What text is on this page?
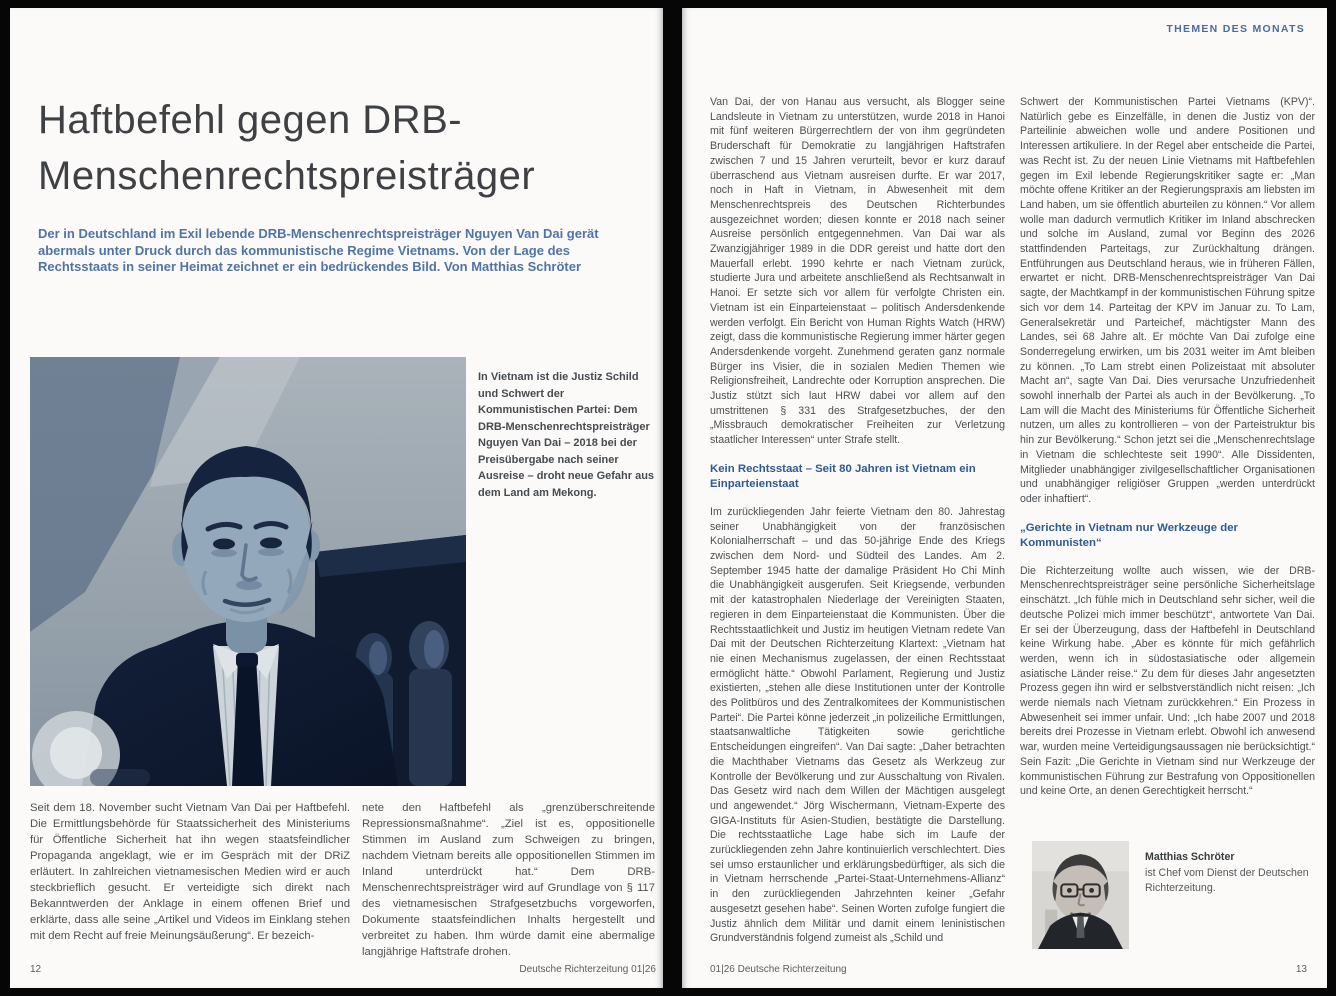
Haftbefehl gegen DRB-Menschenrechtspreisträger

Der in Deutschland im Exil lebende DRB-Menschenrechtspreisträger Nguyen Van Dai gerät abermals unter Druck durch das kommunistische Regime Vietnams. Von der Lage des Rechtsstaats in seiner Heimat zeichnet er ein bedrückendes Bild. Von Matthias Schröter

In Vietnam ist die Justiz Schild und Schwert der Kommunistischen Partei: Dem DRB-Menschenrechtspreisträger Nguyen Van Dai – 2018 bei der Preisübergabe nach seiner Ausreise – droht neue Gefahr aus dem Land am Mekong.
Seit dem 18. November sucht Vietnam Van Dai per Haftbefehl. Die Ermittlungsbehörde für Staatssicherheit des Ministeriums für Öffentliche Sicherheit hat ihn wegen staatsfeindlicher Propaganda angeklagt, wie er im Gespräch mit der DRiZ erläutert. In zahlreichen vietnamesischen Medien wird er auch steckbrieflich gesucht. Er verteidigte sich direkt nach Bekanntwerden der Anklage in einem offenen Brief und erklärte, dass alle seine „Artikel und Videos im Einklang stehen mit dem Recht auf freie Meinungsäußerung“. Er bezeich-
nete den Haftbefehl als „grenzüberschreitende Repressionsmaßnahme“. „Ziel ist es, oppositionelle Stimmen im Ausland zum Schweigen zu bringen, nachdem Vietnam bereits alle oppositionellen Stimmen im Inland unterdrückt hat.“ Dem DRB-Menschenrechtspreisträger wird auf Grundlage von § 117 des vietnamesischen Strafgesetzbuchs vorgeworfen, Dokumente staatsfeindlichen Inhalts hergestellt und verbreitet zu haben. Ihm würde damit eine abermalige langjährige Haftstrafe drohen.
12	Deutsche Richterzeitung 01|26
THEMEN DES MONATS

Van Dai, der von Hanau aus versucht, als Blogger seine Landsleute in Vietnam zu unterstützen, wurde 2018 in Hanoi mit fünf weiteren Bürgerrechtlern der von ihm gegründeten Bruderschaft für Demokratie zu langjährigen Haftstrafen zwischen 7 und 15 Jahren verurteilt, bevor er kurz darauf überraschend aus Vietnam ausreisen durfte. Er war 2017, noch in Haft in Vietnam, in Abwesenheit mit dem Menschenrechtspreis des Deutschen Richterbundes ausgezeichnet worden; diesen konnte er 2018 nach seiner Ausreise persönlich entgegennehmen. Van Dai war als Zwanzigjähriger 1989 in die DDR gereist und hatte dort den Mauerfall erlebt. 1990 kehrte er nach Vietnam zurück, studierte Jura und arbeitete anschließend als Rechtsanwalt in Hanoi. Er setzte sich vor allem für verfolgte Christen ein. Vietnam ist ein Einparteienstaat – politisch Andersdenkende werden verfolgt. Ein Bericht von Human Rights Watch (HRW) zeigt, dass die kommunistische Regierung immer härter gegen Andersdenkende vorgeht. Zunehmend geraten ganz normale Bürger ins Visier, die in sozialen Medien Themen wie Religionsfreiheit, Landrechte oder Korruption ansprechen. Die Justiz stützt sich laut HRW dabei vor allem auf den umstrittenen § 331 des Strafgesetzbuches, der den „Missbrauch demokratischer Freiheiten zur Verletzung staatlicher Interessen“ unter Strafe stellt.

Kein Rechtsstaat – Seit 80 Jahren ist Vietnam ein Einparteienstaat

Im zurückliegenden Jahr feierte Vietnam den 80. Jahrestag seiner Unabhängigkeit von der französischen Kolonialherrschaft – und das 50-jährige Ende des Kriegs zwischen dem Nord- und Südteil des Landes. Am 2. September 1945 hatte der damalige Präsident Ho Chi Minh die Unabhängigkeit ausgerufen. Seit Kriegsende, verbunden mit der katastrophalen Niederlage der Vereinigten Staaten, regieren in dem Einparteienstaat die Kommunisten. Über die Rechtsstaatlichkeit und Justiz im heutigen Vietnam redete Van Dai mit der Deutschen Richterzeitung Klartext: „Vietnam hat nie einen Mechanismus zugelassen, der einen Rechtsstaat ermöglicht hätte.“ Obwohl Parlament, Regierung und Justiz existierten, „stehen alle diese Institutionen unter der Kontrolle des Politbüros und des Zentralkomitees der Kommunistischen Partei“. Die Partei könne jederzeit „in polizeiliche Ermittlungen, staatsanwaltliche Tätigkeiten sowie gerichtliche Entscheidungen eingreifen“. Van Dai sagte: „Daher betrachten die Machthaber Vietnams das Gesetz als Werkzeug zur Kontrolle der Bevölkerung und zur Ausschaltung von Rivalen. Das Gesetz wird nach dem Willen der Mächtigen ausgelegt und angewendet.“ Jörg Wischermann, Vietnam-Experte des GIGA-Instituts für Asien-Studien, bestätigte die Darstellung. Die rechtsstaatliche Lage habe sich im Laufe der zurückliegenden zehn Jahre kontinuierlich verschlechtert. Dies sei umso erstaunlicher und erklärungsbedürftiger, als sich die in Vietnam herrschende „Partei-Staat-Unternehmens-Allianz“ in den zurückliegenden Jahrzehnten keiner „Gefahr ausgesetzt gesehen habe“. Seinen Worten zufolge fungiert die Justiz ähnlich dem Militär und damit einem leninistischen Grundverständnis folgend zumeist als „Schild und

Schwert der Kommunistischen Partei Vietnams (KPV)“. Natürlich gebe es Einzelfälle, in denen die Justiz von der Parteilinie abweichen wolle und andere Positionen und Interessen artikuliere. In der Regel aber entscheide die Partei, was Recht ist. Zu der neuen Linie Vietnams mit Haftbefehlen gegen im Exil lebende Regierungskritiker sagte er: „Man möchte offene Kritiker an der Regierungspraxis am liebsten im Land haben, um sie öffentlich aburteilen zu können.“ Vor allem wolle man dadurch vermutlich Kritiker im Inland abschrecken und solche im Ausland, zumal vor Beginn des 2026 stattfindenden Parteitags, zur Zurückhaltung drängen. Entführungen aus Deutschland heraus, wie in früheren Fällen, erwartet er nicht. DRB-Menschenrechtspreisträger Van Dai sagte, der Machtkampf in der kommunistischen Führung spitze sich vor dem 14. Parteitag der KPV im Januar zu. To Lam, Generalsekretär und Parteichef, mächtigster Mann des Landes, sei 68 Jahre alt. Er möchte Van Dai zufolge eine Sonderregelung erwirken, um bis 2031 weiter im Amt bleiben zu können. „To Lam strebt einen Polizeistaat mit absoluter Macht an“, sagte Van Dai. Dies verursache Unzufriedenheit sowohl innerhalb der Partei als auch in der Bevölkerung. „To Lam will die Macht des Ministeriums für Öffentliche Sicherheit nutzen, um alles zu kontrollieren – von der Parteistruktur bis hin zur Bevölkerung.“ Schon jetzt sei die „Menschenrechtslage in Vietnam die schlechteste seit 1990“. Alle Dissidenten, Mitglieder unabhängiger zivilgesellschaftlicher Organisationen und unabhängiger religiöser Gruppen „werden unterdrückt oder inhaftiert“.

„Gerichte in Vietnam nur Werkzeuge der Kommunisten“

Die Richterzeitung wollte auch wissen, wie der DRB-Menschenrechtspreisträger seine persönliche Sicherheitslage einschätzt. „Ich fühle mich in Deutschland sehr sicher, weil die deutsche Polizei mich immer beschützt“, antwortete Van Dai. Er sei der Überzeugung, dass der Haftbefehl in Deutschland keine Wirkung habe. „Aber es könnte für mich gefährlich werden, wenn ich in südostasiatische oder allgemein asiatische Länder reise.“ Zu dem für dieses Jahr angesetzten Prozess gegen ihn wird er selbstverständlich nicht reisen: „Ich werde niemals nach Vietnam zurückkehren.“ Ein Prozess in Abwesenheit sei immer unfair. Und: „Ich habe 2007 und 2018 bereits drei Prozesse in Vietnam erlebt. Obwohl ich anwesend war, wurden meine Verteidigungsaussagen nie berücksichtigt.“ Sein Fazit: „Die Gerichte in Vietnam sind nur Werkzeuge der kommunistischen Führung zur Bestrafung von Oppositionellen und keine Orte, an denen Gerechtigkeit herrscht.“

Matthias Schröter
ist Chef vom Dienst der Deutschen Richterzeitung.
01|26 Deutsche Richterzeitung	13
